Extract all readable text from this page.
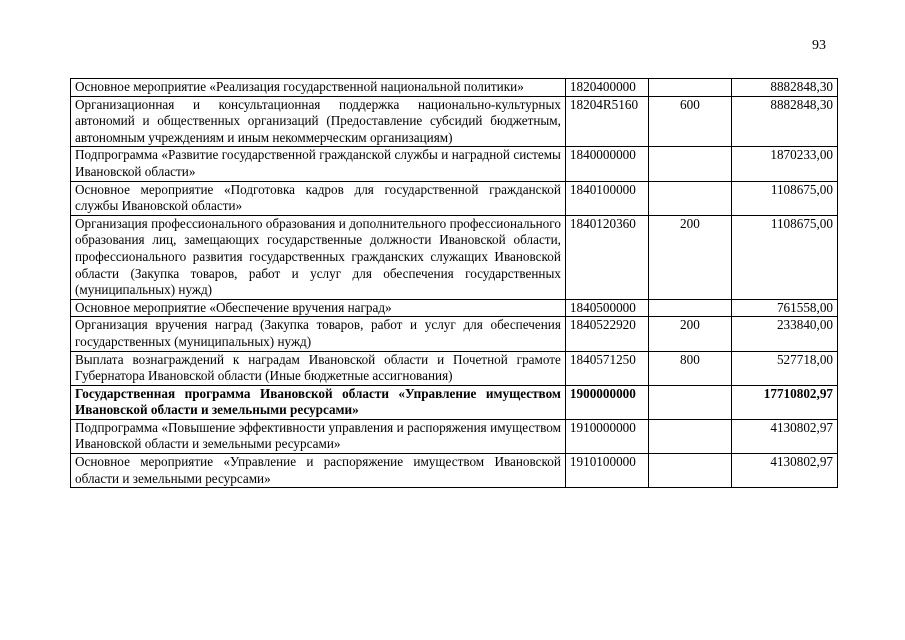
93
Основное мероприятие «Реализация государственной национальной политики»	1820400000		8882848,30
Организационная и консультационная поддержка национально-культурных автономий и общественных организаций (Предоставление субсидий бюджетным, автономным учреждениям и иным некоммерческим организациям)	18204R5160	600	8882848,30
Подпрограмма «Развитие государственной гражданской службы и наградной системы Ивановской области»	1840000000		1870233,00
Основное мероприятие «Подготовка кадров для государственной гражданской службы Ивановской области»	1840100000		1108675,00
Организация профессионального образования и дополнительного профессионального образования лиц, замещающих государственные должности Ивановской области, профессионального развития государственных гражданских служащих Ивановской области (Закупка товаров, работ и услуг для обеспечения государственных (муниципальных) нужд)	1840120360	200	1108675,00
Основное мероприятие «Обеспечение вручения наград»	1840500000		761558,00
Организация вручения наград (Закупка товаров, работ и услуг для обеспечения государственных (муниципальных) нужд)	1840522920	200	233840,00
Выплата вознаграждений к наградам Ивановской области и Почетной грамоте Губернатора Ивановской области (Иные бюджетные ассигнования)	1840571250	800	527718,00
Государственная программа Ивановской области «Управление имуществом Ивановской области и земельными ресурсами»	1900000000		17710802,97
Подпрограмма «Повышение эффективности управления и распоряжения имуществом Ивановской области и земельными ресурсами»	1910000000		4130802,97
Основное мероприятие «Управление и распоряжение имуществом Ивановской области и земельными ресурсами»	1910100000		4130802,97
